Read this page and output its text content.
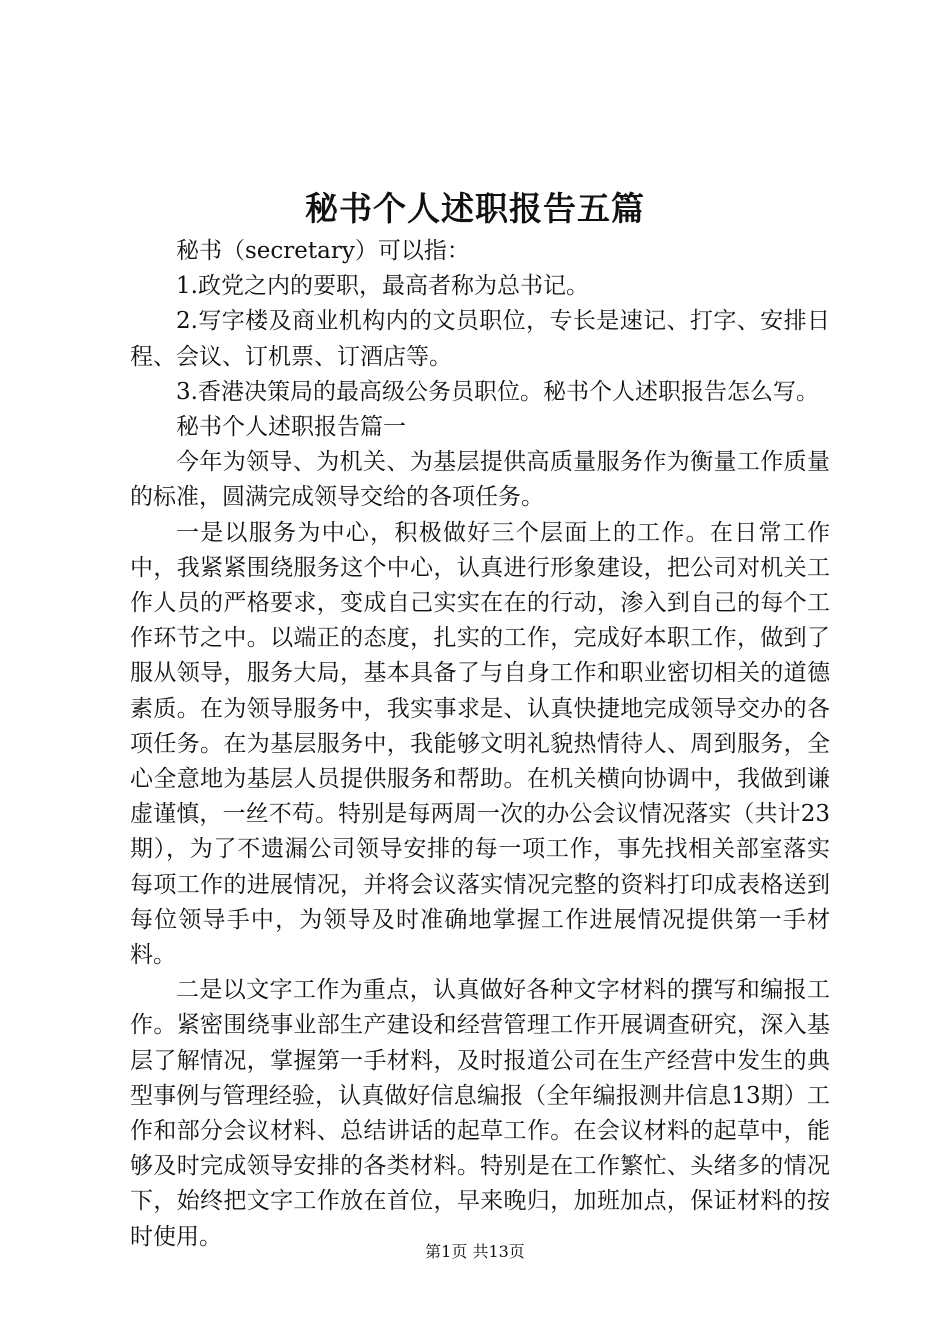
秘书个人述职报告五篇

秘书（secretary）可以指：

1.政党之内的要职，最高者称为总书记。

2.写字楼及商业机构内的文员职位，专长是速记、打字、安排日程、会议、订机票、订酒店等。

3.香港决策局的最高级公务员职位。秘书个人述职报告怎么写。

秘书个人述职报告篇一

今年为领导、为机关、为基层提供高质量服务作为衡量工作质量的标准，圆满完成领导交给的各项任务。

一是以服务为中心，积极做好三个层面上的工作。在日常工作中，我紧紧围绕服务这个中心，认真进行形象建设，把公司对机关工作人员的严格要求，变成自己实实在在的行动，渗入到自己的每个工作环节之中。以端正的态度，扎实的工作，完成好本职工作，做到了服从领导，服务大局，基本具备了与自身工作和职业密切相关的道德素质。在为领导服务中，我实事求是、认真快捷地完成领导交办的各项任务。在为基层服务中，我能够文明礼貌热情待人、周到服务，全心全意地为基层人员提供服务和帮助。在机关横向协调中，我做到谦虚谨慎，一丝不苟。特别是每两周一次的办公会议情况落实（共计23期），为了不遗漏公司领导安排的每一项工作，事先找相关部室落实每项工作的进展情况，并将会议落实情况完整的资料打印成表格送到每位领导手中，为领导及时准确地掌握工作进展情况提供第一手材料。

二是以文字工作为重点，认真做好各种文字材料的撰写和编报工作。紧密围绕事业部生产建设和经营管理工作开展调查研究，深入基层了解情况，掌握第一手材料，及时报道公司在生产经营中发生的典型事例与管理经验，认真做好信息编报（全年编报测井信息13期）工作和部分会议材料、总结讲话的起草工作。在会议材料的起草中，能够及时完成领导安排的各类材料。特别是在工作繁忙、头绪多的情况下，始终把文字工作放在首位，早来晚归，加班加点，保证材料的按时使用。

第1页 共13页
